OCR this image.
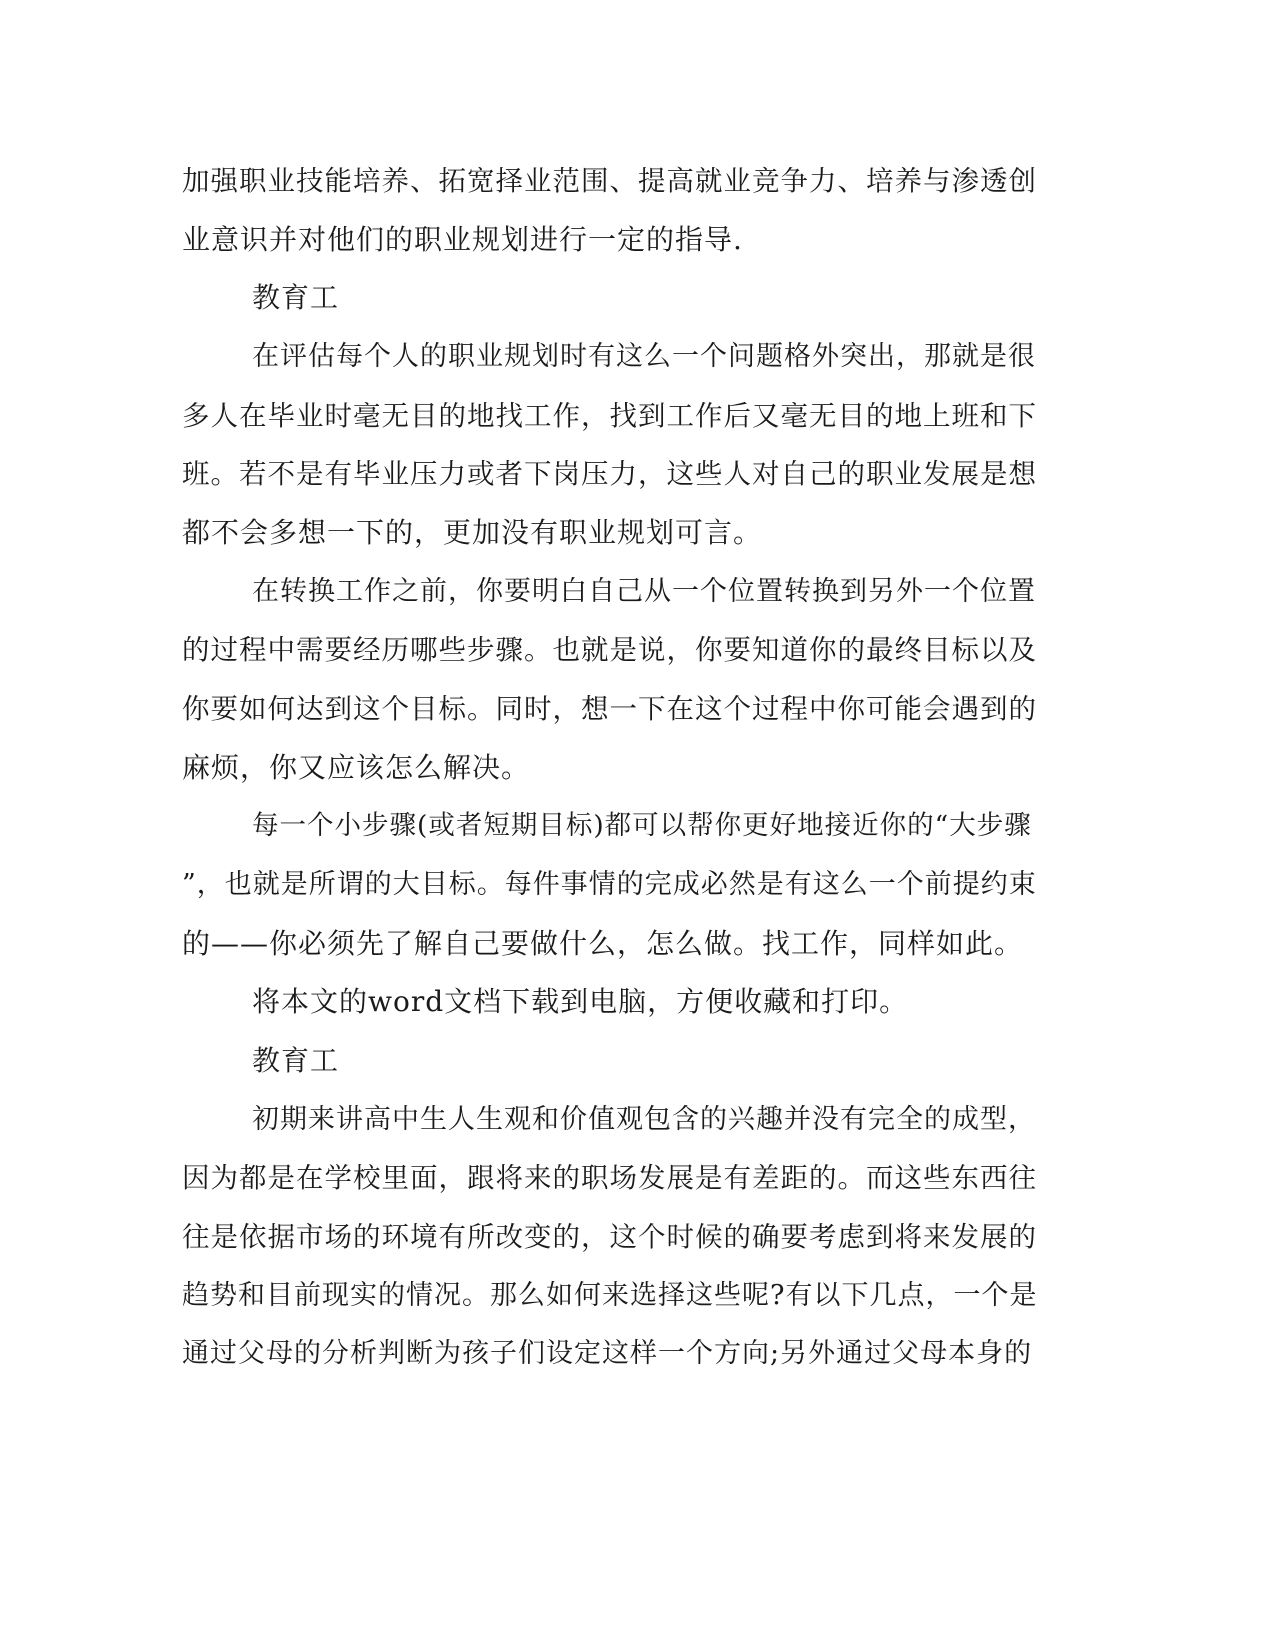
加强职业技能培养、拓宽择业范围、提高就业竞争力、培养与渗透创

业意识并对他们的职业规划进行一定的指导.

教育工

在评估每个人的职业规划时有这么一个问题格外突出，那就是很

多人在毕业时毫无目的地找工作，找到工作后又毫无目的地上班和下

班。若不是有毕业压力或者下岗压力，这些人对自己的职业发展是想

都不会多想一下的，更加没有职业规划可言。

在转换工作之前，你要明白自己从一个位置转换到另外一个位置

的过程中需要经历哪些步骤。也就是说，你要知道你的最终目标以及

你要如何达到这个目标。同时，想一下在这个过程中你可能会遇到的

麻烦，你又应该怎么解决。

每一个小步骤(或者短期目标)都可以帮你更好地接近你的“大步骤

”，也就是所谓的大目标。每件事情的完成必然是有这么一个前提约束

的——你必须先了解自己要做什么，怎么做。找工作，同样如此。

将本文的word文档下载到电脑，方便收藏和打印。

教育工

初期来讲高中生人生观和价值观包含的兴趣并没有完全的成型，

因为都是在学校里面，跟将来的职场发展是有差距的。而这些东西往

往是依据市场的环境有所改变的，这个时候的确要考虑到将来发展的

趋势和目前现实的情况。那么如何来选择这些呢?有以下几点，一个是

通过父母的分析判断为孩子们设定这样一个方向;另外通过父母本身的
